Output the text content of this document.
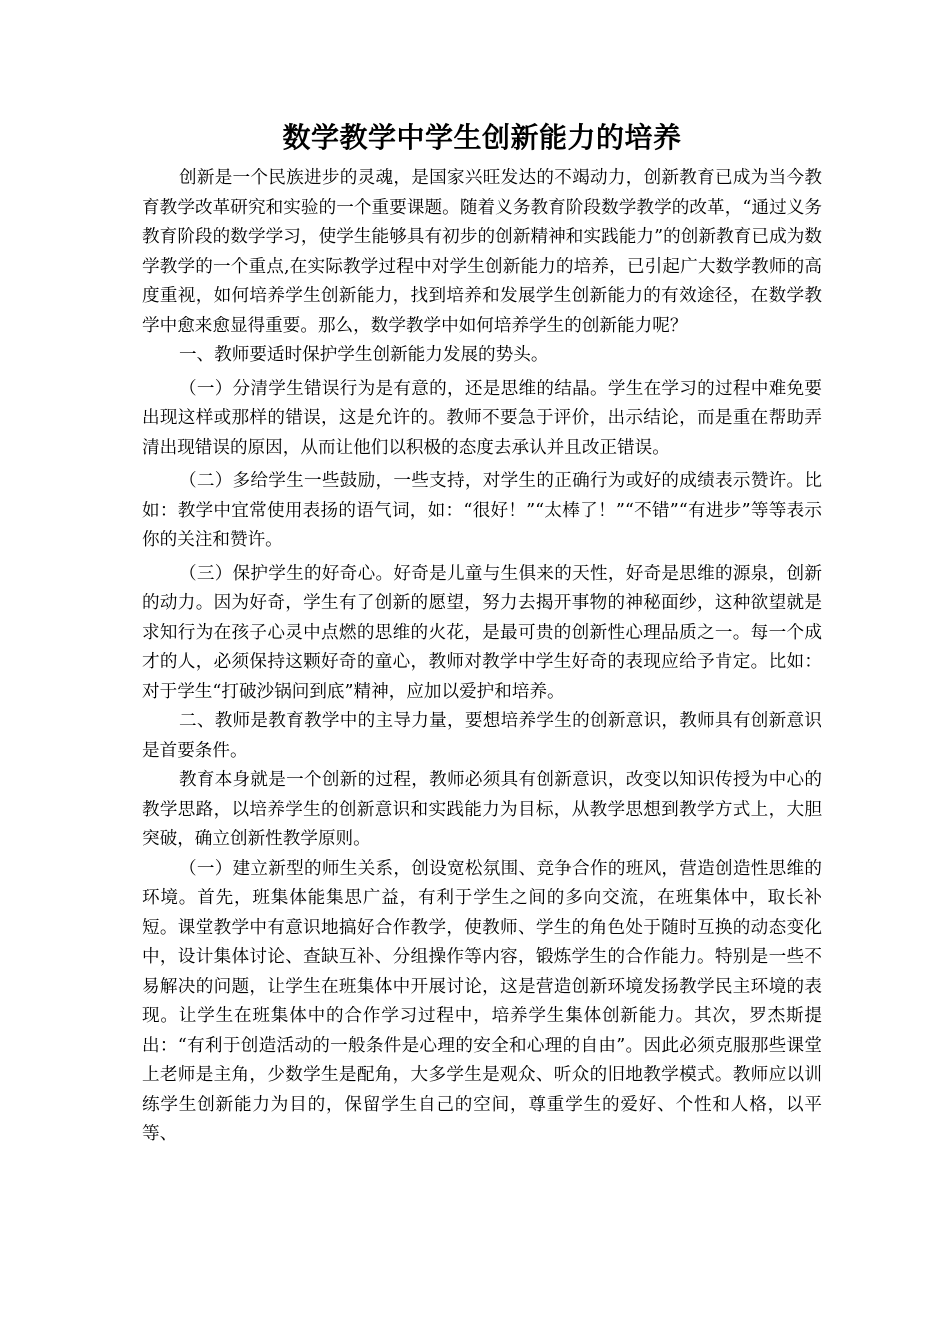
数学教学中学生创新能力的培养

创新是一个民族进步的灵魂，是国家兴旺发达的不竭动力，创新教育已成为当今教育教学改革研究和实验的一个重要课题。随着义务教育阶段数学教学的改革，“通过义务教育阶段的数学学习，使学生能够具有初步的创新精神和实践能力”的创新教育已成为数学教学的一个重点,在实际教学过程中对学生创新能力的培养，已引起广大数学教师的高度重视，如何培养学生创新能力，找到培养和发展学生创新能力的有效途径，在数学教学中愈来愈显得重要。那么，数学教学中如何培养学生的创新能力呢？

一、教师要适时保护学生创新能力发展的势头。

（一）分清学生错误行为是有意的，还是思维的结晶。学生在学习的过程中难免要出现这样或那样的错误，这是允许的。教师不要急于评价，出示结论，而是重在帮助弄清出现错误的原因，从而让他们以积极的态度去承认并且改正错误。

（二）多给学生一些鼓励，一些支持，对学生的正确行为或好的成绩表示赞许。比如：教学中宜常使用表扬的语气词，如：“很好！”“太棒了！”“不错”“有进步”等等表示你的关注和赞许。

（三）保护学生的好奇心。好奇是儿童与生俱来的天性，好奇是思维的源泉，创新的动力。因为好奇，学生有了创新的愿望，努力去揭开事物的神秘面纱，这种欲望就是求知行为在孩子心灵中点燃的思维的火花，是最可贵的创新性心理品质之一。每一个成才的人，必须保持这颗好奇的童心，教师对教学中学生好奇的表现应给予肯定。比如：对于学生“打破沙锅问到底”精神，应加以爱护和培养。

二、教师是教育教学中的主导力量，要想培养学生的创新意识，教师具有创新意识是首要条件。

教育本身就是一个创新的过程，教师必须具有创新意识，改变以知识传授为中心的教学思路，以培养学生的创新意识和实践能力为目标，从教学思想到教学方式上，大胆突破，确立创新性教学原则。

（一）建立新型的师生关系，创设宽松氛围、竞争合作的班风，营造创造性思维的环境。首先，班集体能集思广益，有利于学生之间的多向交流，在班集体中，取长补短。课堂教学中有意识地搞好合作教学，使教师、学生的角色处于随时互换的动态变化中，设计集体讨论、查缺互补、分组操作等内容，锻炼学生的合作能力。特别是一些不易解决的问题，让学生在班集体中开展讨论，这是营造创新环境发扬教学民主环境的表现。让学生在班集体中的合作学习过程中，培养学生集体创新能力。其次，罗杰斯提出：“有利于创造活动的一般条件是心理的安全和心理的自由”。因此必须克服那些课堂上老师是主角，少数学生是配角，大多学生是观众、听众的旧地教学模式。教师应以训练学生创新能力为目的，保留学生自己的空间，尊重学生的爱好、个性和人格，以平等、
